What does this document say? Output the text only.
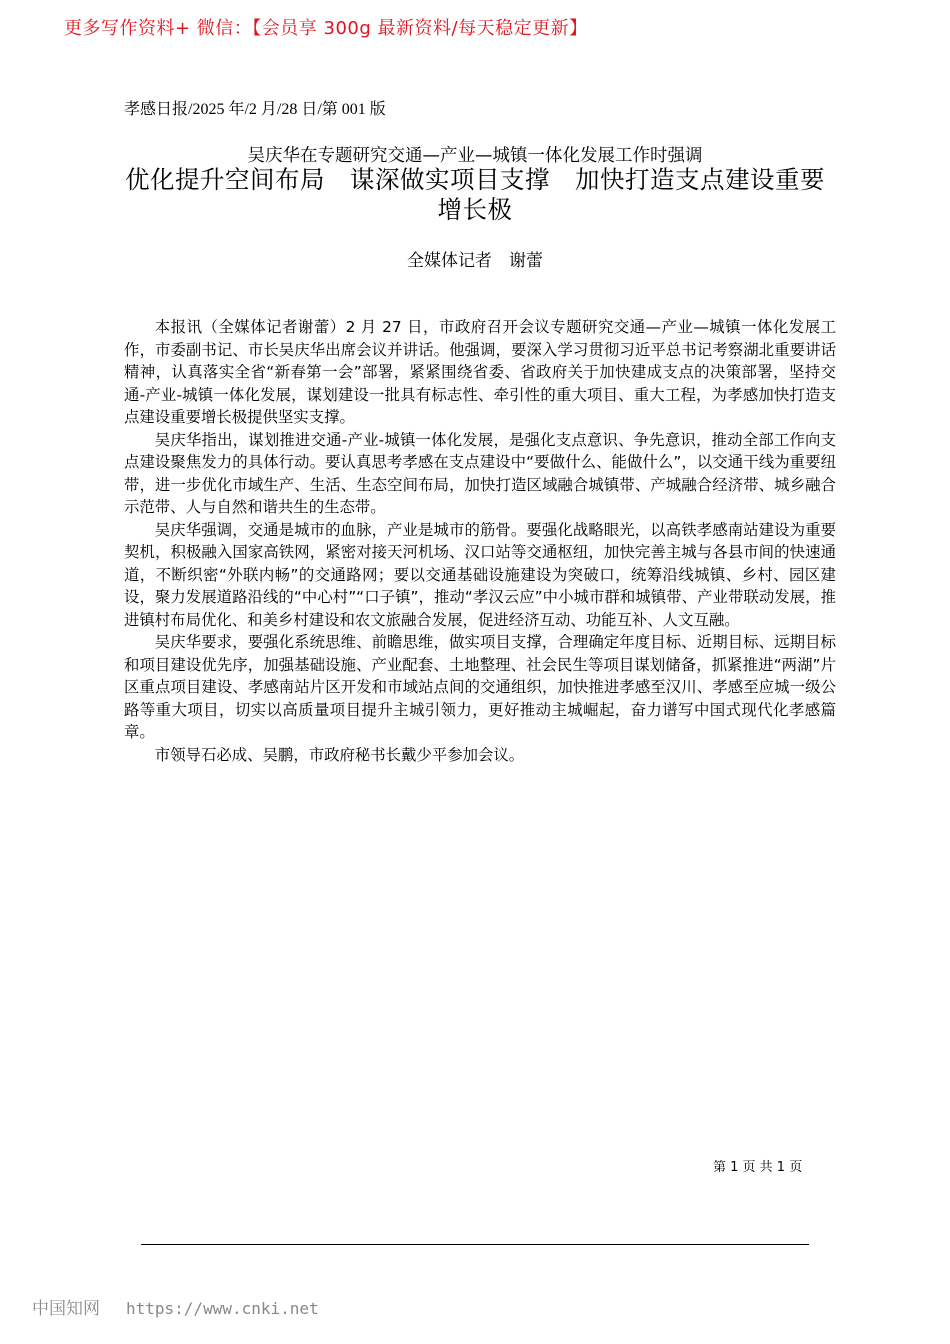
更多写作资料+ 微信：【会员享 300g 最新资料/每天稳定更新】
孝感日报/2025 年/2 月/28 日/第 001 版
吴庆华在专题研究交通—产业—城镇一体化发展工作时强调
优化提升空间布局　谋深做实项目支撑　加快打造支点建设重要增长极
全媒体记者　谢蕾

本报讯（全媒体记者谢蕾）2 月 27 日，市政府召开会议专题研究交通—产业—城镇一体化发展工作，市委副书记、市长吴庆华出席会议并讲话。他强调，要深入学习贯彻习近平总书记考察湖北重要讲话精神，认真落实全省“新春第一会”部署，紧紧围绕省委、省政府关于加快建成支点的决策部署，坚持交通-产业-城镇一体化发展，谋划建设一批具有标志性、牵引性的重大项目、重大工程，为孝感加快打造支点建设重要增长极提供坚实支撑。

吴庆华指出，谋划推进交通-产业-城镇一体化发展，是强化支点意识、争先意识，推动全部工作向支点建设聚焦发力的具体行动。要认真思考孝感在支点建设中“要做什么、能做什么”，以交通干线为重要纽带，进一步优化市域生产、生活、生态空间布局，加快打造区域融合城镇带、产城融合经济带、城乡融合示范带、人与自然和谐共生的生态带。

吴庆华强调，交通是城市的血脉，产业是城市的筋骨。要强化战略眼光，以高铁孝感南站建设为重要契机，积极融入国家高铁网，紧密对接天河机场、汉口站等交通枢纽，加快完善主城与各县市间的快速通道，不断织密“外联内畅”的交通路网；要以交通基础设施建设为突破口，统筹沿线城镇、乡村、园区建设，聚力发展道路沿线的“中心村”“口子镇”，推动“孝汉云应”中小城市群和城镇带、产业带联动发展，推进镇村布局优化、和美乡村建设和农文旅融合发展，促进经济互动、功能互补、人文互融。

吴庆华要求，要强化系统思维、前瞻思维，做实项目支撑，合理确定年度目标、近期目标、远期目标和项目建设优先序，加强基础设施、产业配套、土地整理、社会民生等项目谋划储备，抓紧推进“两湖”片区重点项目建设、孝感南站片区开发和市域站点间的交通组织，加快推进孝感至汉川、孝感至应城一级公路等重大项目，切实以高质量项目提升主城引领力，更好推动主城崛起，奋力谱写中国式现代化孝感篇章。

市领导石必成、吴鹏，市政府秘书长戴少平参加会议。

第 1 页 共 1 页
中国知网 https://www.cnki.net
